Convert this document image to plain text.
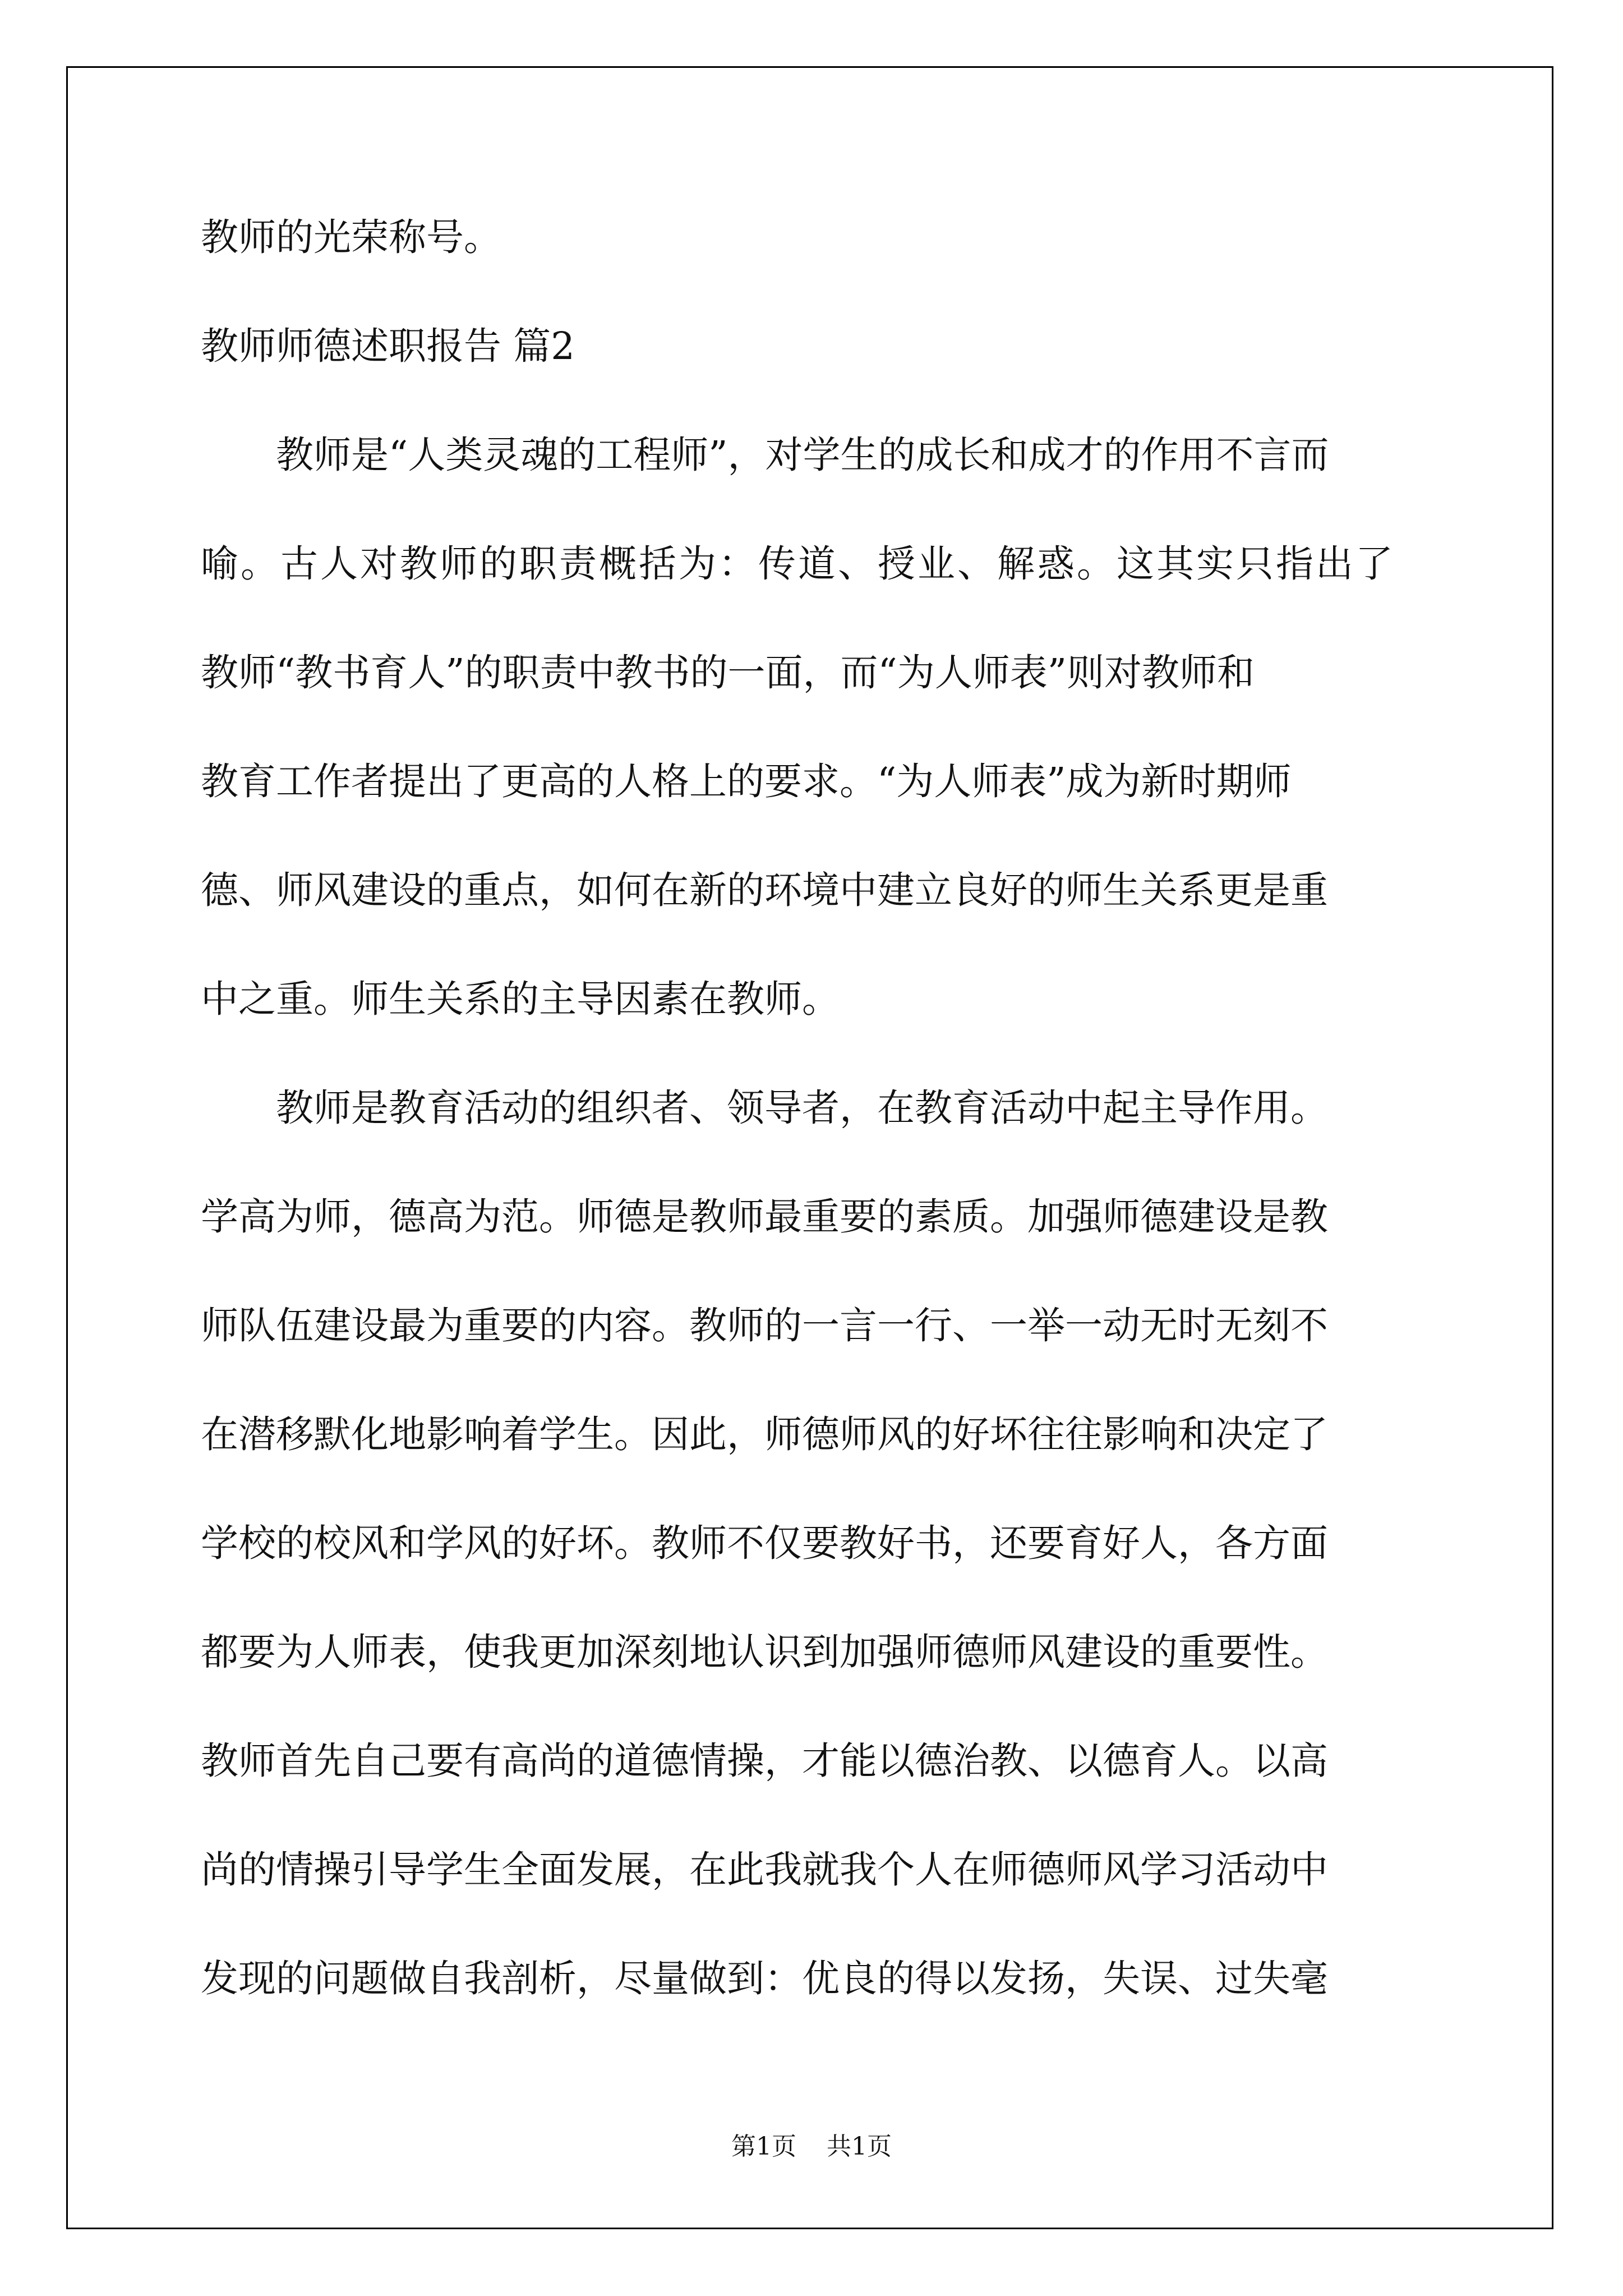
教师的光荣称号。
教师师德述职报告 篇2
教师是“人类灵魂的工程师”，对学生的成长和成才的作用不言而
喻。古人对教师的职责概括为：传道、授业、解惑。这其实只指出了
教师“教书育人”的职责中教书的一面，而“为人师表”则对教师和
教育工作者提出了更高的人格上的要求。“为人师表”成为新时期师
德、师风建设的重点，如何在新的环境中建立良好的师生关系更是重
中之重。师生关系的主导因素在教师。
教师是教育活动的组织者、领导者，在教育活动中起主导作用。
学高为师，德高为范。师德是教师最重要的素质。加强师德建设是教
师队伍建设最为重要的内容。教师的一言一行、一举一动无时无刻不
在潜移默化地影响着学生。因此，师德师风的好坏往往影响和决定了
学校的校风和学风的好坏。教师不仅要教好书，还要育好人，各方面
都要为人师表，使我更加深刻地认识到加强师德师风建设的重要性。
教师首先自己要有高尚的道德情操，才能以德治教、以德育人。以高
尚的情操引导学生全面发展，在此我就我个人在师德师风学习活动中
发现的问题做自我剖析，尽量做到：优良的得以发扬，失误、过失毫
第1页 共1页
